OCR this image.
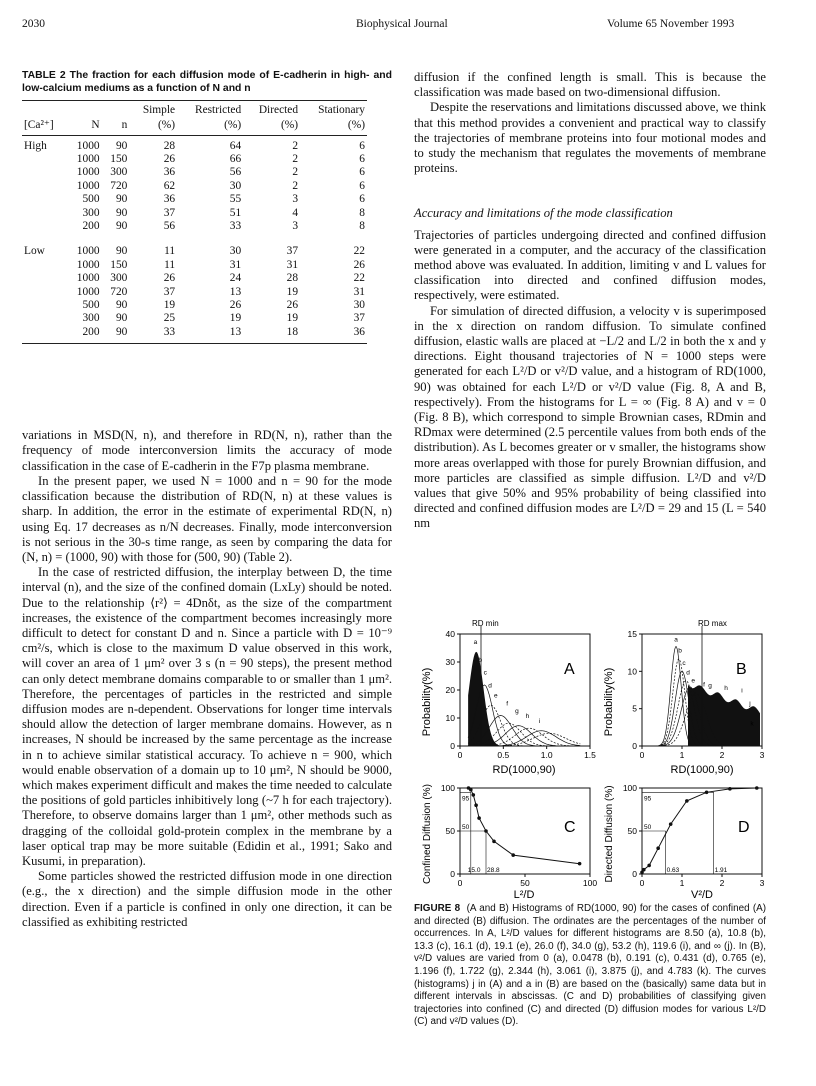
2030	Biophysical Journal	Volume 65 November 1993
TABLE 2 The fraction for each diffusion mode of E-cadherin in high- and low-calcium mediums as a function of N and n
			Simple	Restricted	Directed	Stationary
[Ca²⁺]	N	n	(%)	(%)	(%)	(%)
High	1000	90	28	64	2	6
	1000	150	26	66	2	6
	1000	300	36	56	2	6
	1000	720	62	30	2	6
	500	90	36	55	3	6
	300	90	37	51	4	8
	200	90	56	33	3	8
Low	1000	90	11	30	37	22
	1000	150	11	31	31	26
	1000	300	26	24	28	22
	1000	720	37	13	19	31
	500	90	19	26	26	30
	300	90	25	19	19	37
	200	90	33	13	18	36

variations in MSD(N, n), and therefore in RD(N, n), rather than the frequency of mode interconversion limits the accuracy of mode classification in the case of E-cadherin in the F7p plasma membrane.

In the present paper, we used N = 1000 and n = 90 for the mode classification because the distribution of RD(N, n) at these values is sharp. In addition, the error in the estimate of experimental RD(N, n) using Eq. 17 decreases as n/N decreases. Finally, mode interconversion is not serious in the 30-s time range, as seen by comparing the data for (N, n) = (1000, 90) with those for (500, 90) (Table 2).

In the case of restricted diffusion, the interplay between D, the time interval (n), and the size of the confined domain (LxLy) should be noted. Due to the relationship ⟨r²⟩ = 4Dnδt, as the size of the compartment increases, the existence of the compartment becomes increasingly more difficult to detect for constant D and n. Since a particle with D = 10⁻⁹ cm²/s, which is close to the maximum D value observed in this work, will cover an area of 1 μm² over 3 s (n = 90 steps), the present method can only detect membrane domains comparable to or smaller than 1 μm². Therefore, the percentages of particles in the restricted and simple diffusion modes are n-dependent. Observations for longer time intervals should allow the detection of larger membrane domains. However, as n increases, N should be increased by the same percentage as the increase in n to achieve similar statistical accuracy. To achieve n = 900, which would enable observation of a domain up to 10 μm², N should be 9000, which makes experiment difficult and makes the time needed to calculate the positions of gold particles inhibitively long (~7 h for each trajectory). Therefore, to observe domains larger than 1 μm², other methods such as dragging of the colloidal gold-protein complex in the membrane by a laser optical trap may be more suitable (Edidin et al., 1991; Sako and Kusumi, in preparation).

Some particles showed the restricted diffusion mode in one direction (e.g., the x direction) and the simple diffusion mode in the other direction. Even if a particle is confined in only one direction, it can be classified as exhibiting restricted

diffusion if the confined length is small. This is because the classification was made based on two-dimensional diffusion.

Despite the reservations and limitations discussed above, we think that this method provides a convenient and practical way to classify the trajectories of membrane proteins into four motional modes and to study the mechanism that regulates the movements of membrane proteins.

Accuracy and limitations of the mode classification

Trajectories of particles undergoing directed and confined diffusion were generated in a computer, and the accuracy of the classification method above was evaluated. In addition, limiting v and L values for classification into directed and confined diffusion modes, respectively, were estimated.

For simulation of directed diffusion, a velocity v is superimposed in the x direction on random diffusion. To simulate confined diffusion, elastic walls are placed at −L/2 and L/2 in both the x and y directions. Eight thousand trajectories of N = 1000 steps were generated for each L²/D or v²/D value, and a histogram of RD(1000, 90) was obtained for each L²/D or v²/D value (Fig. 8, A and B, respectively). From the histograms for L = ∞ (Fig. 8 A) and v = 0 (Fig. 8 B), which correspond to simple Brownian cases, RDmin and RDmax were determined (2.5 percentile values from both ends of the distribution). As L becomes greater or v smaller, the histograms show more areas overlapped with those for purely Brownian diffusion, and more particles are classified as simple diffusion. L²/D and v²/D values that give 50% and 95% probability of being classified into directed and confined diffusion modes are L²/D = 29 and 15 (L = 540 nm

a
b
c
d
e
f
g
h
i
RD min
A
0	0.5	1.0	1.5
0
10
20
30
40
Probability(%)
RD(1000,90)
a
b
c
d
e
f g h i
j
k
RD max
B
0	1	2	3
0
5
10
15
Probability(%)
RD(1000,90)
95
50
15.0 28.8
C
0	50	100
0
50
100
Confined Diffusion (%)
L²/D
95
50
0.63	1.91
D
0	1	2	3
0
50
100
Directed Diffusion (%)
V²/D
FIGURE 8 (A and B) Histograms of RD(1000, 90) for the cases of confined (A) and directed (B) diffusion. The ordinates are the percentages of the number of occurrences. In A, L²/D values for different histograms are 8.50 (a), 10.8 (b), 13.3 (c), 16.1 (d), 19.1 (e), 26.0 (f), 34.0 (g), 53.2 (h), 119.6 (i), and ∞ (j). In (B), v²/D values are varied from 0 (a), 0.0478 (b), 0.191 (c), 0.431 (d), 0.765 (e), 1.196 (f), 1.722 (g), 2.344 (h), 3.061 (i), 3.875 (j), and 4.783 (k). The curves (histograms) j in (A) and a in (B) are based on the (basically) same data but in different intervals in abscissas. (C and D) probabilities of classifying given trajectories into confined (C) and directed (D) diffusion modes for various L²/D (C) and v²/D values (D).
